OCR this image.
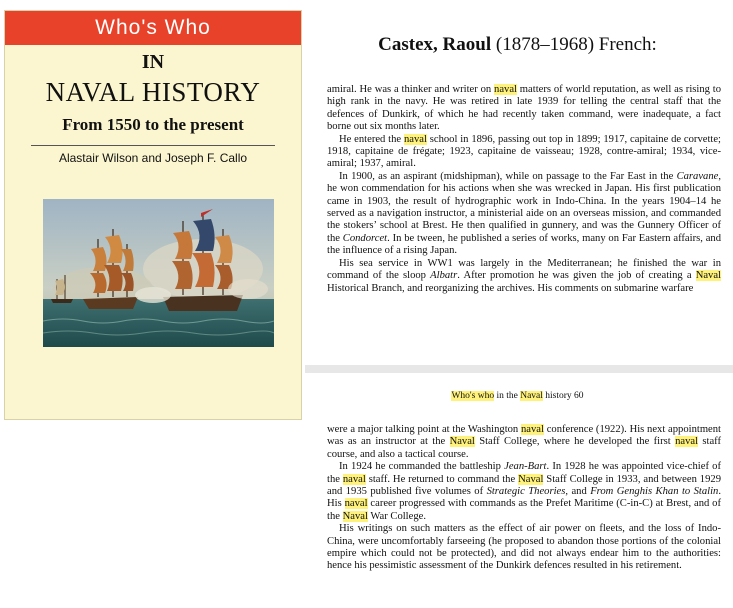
Who's Who
IN
NAVAL HISTORY
From 1550 to the present
Alastair Wilson and Joseph F. Callo
Castex, Raoul (1878–1968) French:

amiral. He was a thinker and writer on naval matters of world reputation, as well as rising to high rank in the navy. He was retired in late 1939 for telling the central staff that the defences of Dunkirk, of which he had recently taken command, were inadequate, a fact borne out six months later.

He entered the naval school in 1896, passing out top in 1899; 1917, capitaine de corvette; 1918, capitaine de frégate; 1923, capitaine de vaisseau; 1928, contre-amiral; 1934, vice-amiral; 1937, amiral.

In 1900, as an aspirant (midshipman), while on passage to the Far East in the Caravane, he won commendation for his actions when she was wrecked in Japan. His first publication came in 1903, the result of hydrographic work in Indo-China. In the years 1904–14 he served as a navigation instructor, a ministerial aide on an overseas mission, and commanded the stokers’ school at Brest. He then qualified in gunnery, and was the Gunnery Officer of the Condorcet. In be tween, he published a series of works, many on Far Eastern affairs, and the influence of a rising Japan.

His sea service in WW1 was largely in the Mediterranean; he finished the war in command of the sloop Albatr. After promotion he was given the job of creating a Naval Historical Branch, and reorganizing the archives. His comments on submarine warfare

Who's who in the Naval history 60

were a major talking point at the Washington naval conference (1922). His next appointment was as an instructor at the Naval Staff College, where he developed the first naval staff course, and also a tactical course.

In 1924 he commanded the battleship Jean-Bart. In 1928 he was appointed vice-chief of the naval staff. He returned to command the Naval Staff College in 1933, and between 1929 and 1935 published five volumes of Strategic Theories, and From Genghis Khan to Stalin. His naval career progressed with commands as the Prefet Maritime (C-in-C) at Brest, and of the Naval War College.

His writings on such matters as the effect of air power on fleets, and the loss of Indo-China, were uncomfortably farseeing (he proposed to abandon those portions of the colonial empire which could not be protected), and did not always endear him to the authorities: hence his pessimistic assessment of the Dunkirk defences resulted in his retirement.
